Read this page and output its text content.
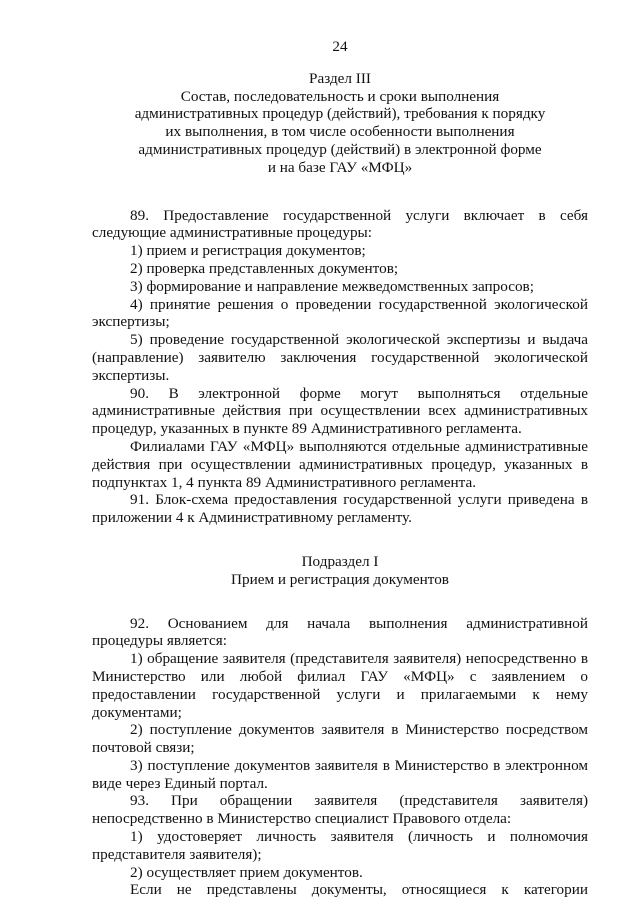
24
Раздел III
Состав, последовательность и сроки выполнения
административных процедур (действий), требования к порядку
их выполнения, в том числе особенности выполнения
административных процедур (действий) в электронной форме
и на базе ГАУ «МФЦ»

89. Предоставление государственной услуги включает в себя следующие административные процедуры:

1) прием и регистрация документов;

2) проверка представленных документов;

3) формирование и направление межведомственных запросов;

4) принятие решения о проведении государственной экологической экспертизы;

5) проведение государственной экологической экспертизы и выдача (направление) заявителю заключения государственной экологической экспертизы.

90. В электронной форме могут выполняться отдельные административные действия при осуществлении всех административных процедур, указанных в пункте 89 Административного регламента.

Филиалами ГАУ «МФЦ» выполняются отдельные административные действия при осуществлении административных процедур, указанных в подпунктах 1, 4 пункта 89 Административного регламента.

91. Блок-схема предоставления государственной услуги приведена в приложении 4 к Административному регламенту.

Подраздел I
Прием и регистрация документов

92. Основанием для начала выполнения административной процедуры является:

1) обращение заявителя (представителя заявителя) непосредственно в Министерство или любой филиал ГАУ «МФЦ» с заявлением о предоставлении государственной услуги и прилагаемыми к нему документами;

2) поступление документов заявителя в Министерство посредством почтовой связи;

3) поступление документов заявителя в Министерство в электронном виде через Единый портал.

93. При обращении заявителя (представителя заявителя) непосредственно в Министерство специалист Правового отдела:

1) удостоверяет личность заявителя (личность и полномочия представителя заявителя);

2) осуществляет прием документов.

Если не представлены документы, относящиеся к категории
